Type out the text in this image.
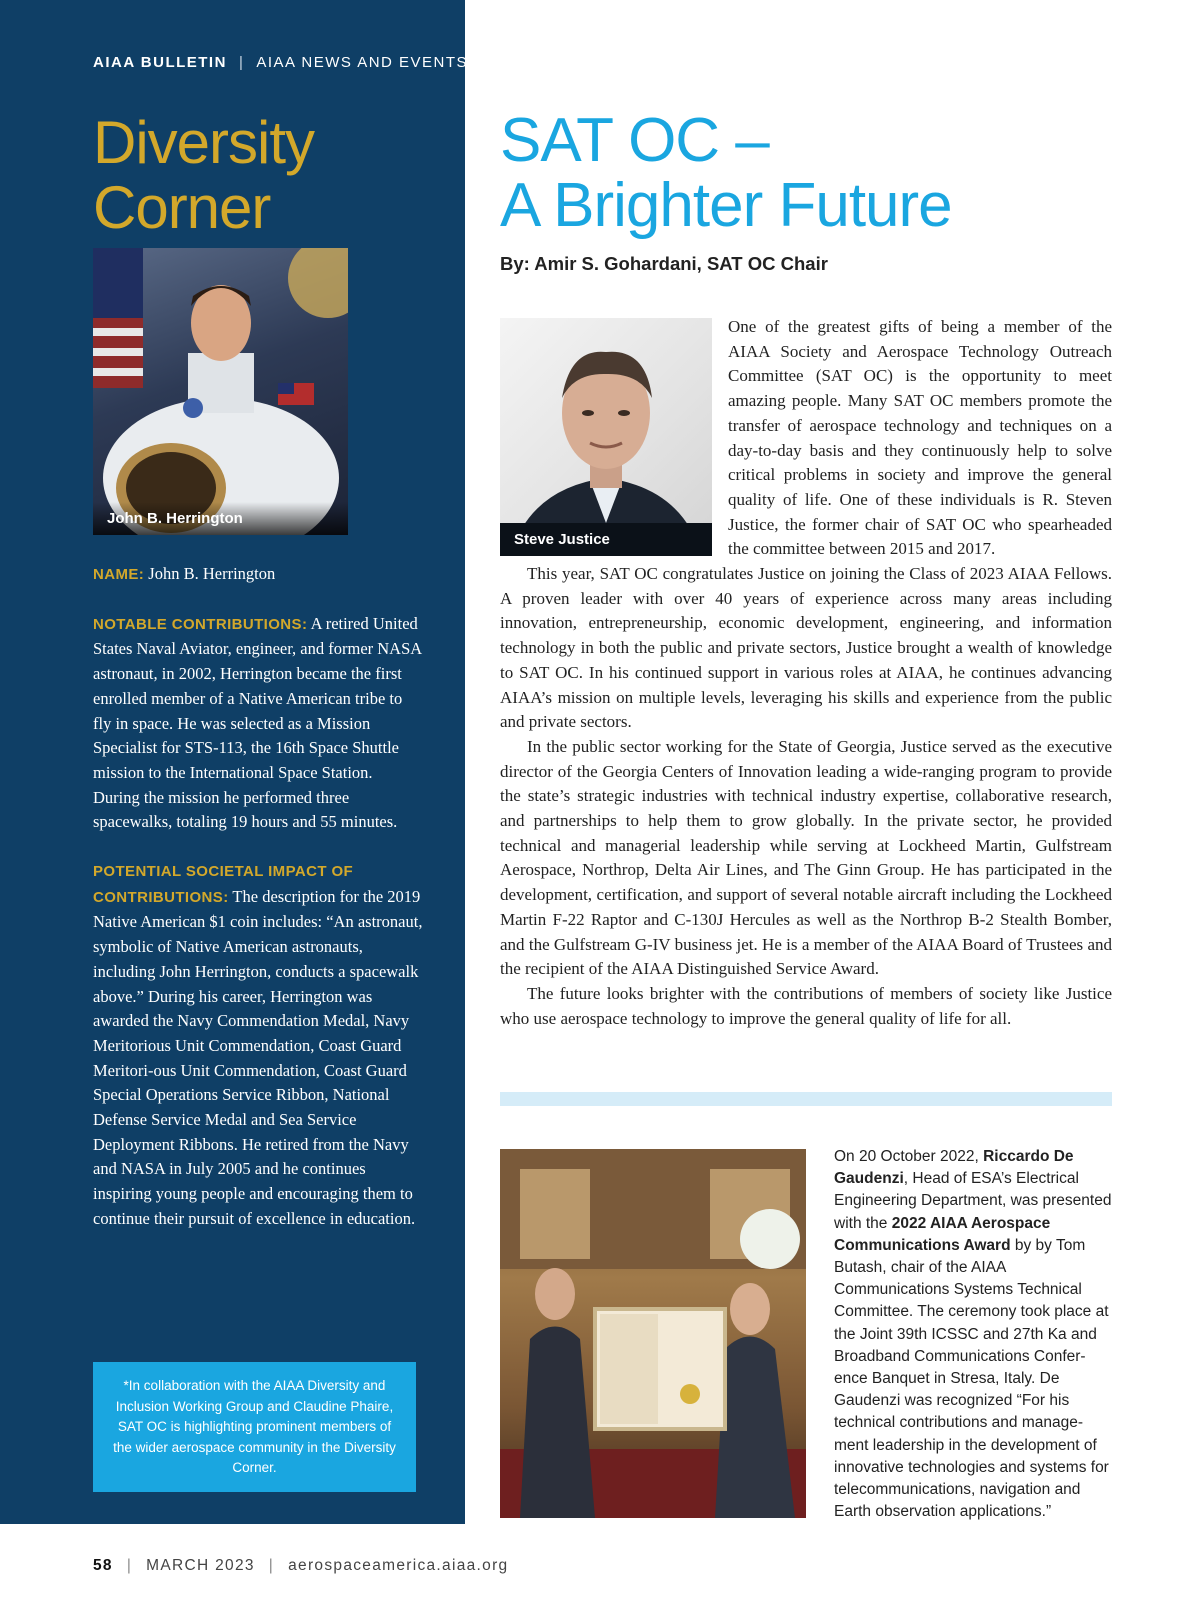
AIAA BULLETIN | AIAA NEWS AND EVENTS
Diversity
Corner
John B. Herrington

NAME: John B. Herrington

NOTABLE CONTRIBUTIONS: A retired United States Naval Aviator, engineer, and former NASA astronaut, in 2002, Herrington became the first enrolled member of a Native American tribe to fly in space. He was selected as a Mission Specialist for STS-113, the 16th Space Shuttle mission to the International Space Station. During the mission he performed three spacewalks, totaling 19 hours and 55 minutes.

POTENTIAL SOCIETAL IMPACT OF CONTRIBUTIONS: The description for the 2019 Native American $1 coin includes: “An astronaut, symbolic of Native American astronauts, including John Herrington, conducts a spacewalk above.” During his career, Herrington was awarded the Navy Commendation Medal, Navy Meritorious Unit Commendation, Coast Guard Meritori-ous Unit Commendation, Coast Guard Special Operations Service Ribbon, National Defense Service Medal and Sea Service Deployment Ribbons. He retired from the Navy and NASA in July 2005 and he continues inspiring young people and encouraging them to continue their pursuit of excellence in education.

*In collaboration with the AIAA Diversity and Inclusion Working Group and Claudine Phaire, SAT OC is highlighting prominent members of the wider aerospace community in the Diversity Corner.
SAT OC –
A Brighter Future
By: Amir S. Gohardani, SAT OC Chair
Steve Justice

One of the greatest gifts of being a member of the AIAA Society and Aerospace Technology Outreach Committee (SAT OC) is the opportunity to meet amazing people. Many SAT OC members promote the transfer of aerospace technology and techniques on a day-to-day basis and they continuously help to solve critical problems in society and improve the general quality of life. One of these individuals is R. Steven Justice, the former chair of SAT OC who spearheaded the committee between 2015 and 2017.

This year, SAT OC congratulates Justice on joining the Class of 2023 AIAA Fellows. A proven leader with over 40 years of experience across many areas including innovation, entrepreneurship, economic development, engineering, and information technology in both the public and private sectors, Justice brought a wealth of knowledge to SAT OC. In his continued support in various roles at AIAA, he continues advancing AIAA’s mission on multiple levels, leveraging his skills and experience from the public and private sectors.

In the public sector working for the State of Georgia, Justice served as the executive director of the Georgia Centers of Innovation leading a wide-ranging program to provide the state’s strategic industries with technical industry expertise, collaborative research, and partnerships to help them to grow globally. In the private sector, he provided technical and managerial leadership while serving at Lockheed Martin, Gulfstream Aerospace, Northrop, Delta Air Lines, and The Ginn Group. He has participated in the development, certification, and support of several notable aircraft including the Lockheed Martin F-22 Raptor and C-130J Hercules as well as the Northrop B-2 Stealth Bomber, and the Gulfstream G-IV business jet. He is a member of the AIAA Board of Trustees and the recipient of the AIAA Distinguished Service Award.

The future looks brighter with the contributions of members of society like Justice who use aerospace technology to improve the general quality of life for all.

On 20 October 2022, Riccardo De Gaudenzi, Head of ESA’s Electrical Engineering Department, was presented with the 2022 AIAA Aerospace Communications Award by by Tom Butash, chair of the AIAA Communications Systems Technical Committee. The ceremony took place at the Joint 39th ICSSC and 27th Ka and Broadband Communications Confer-ence Banquet in Stresa, Italy. De Gaudenzi was recognized “For his technical contributions and manage-ment leadership in the development of innovative technologies and systems for telecommunications, navigation and Earth observation applications.”
58 | MARCH 2023 | aerospaceamerica.aiaa.org
